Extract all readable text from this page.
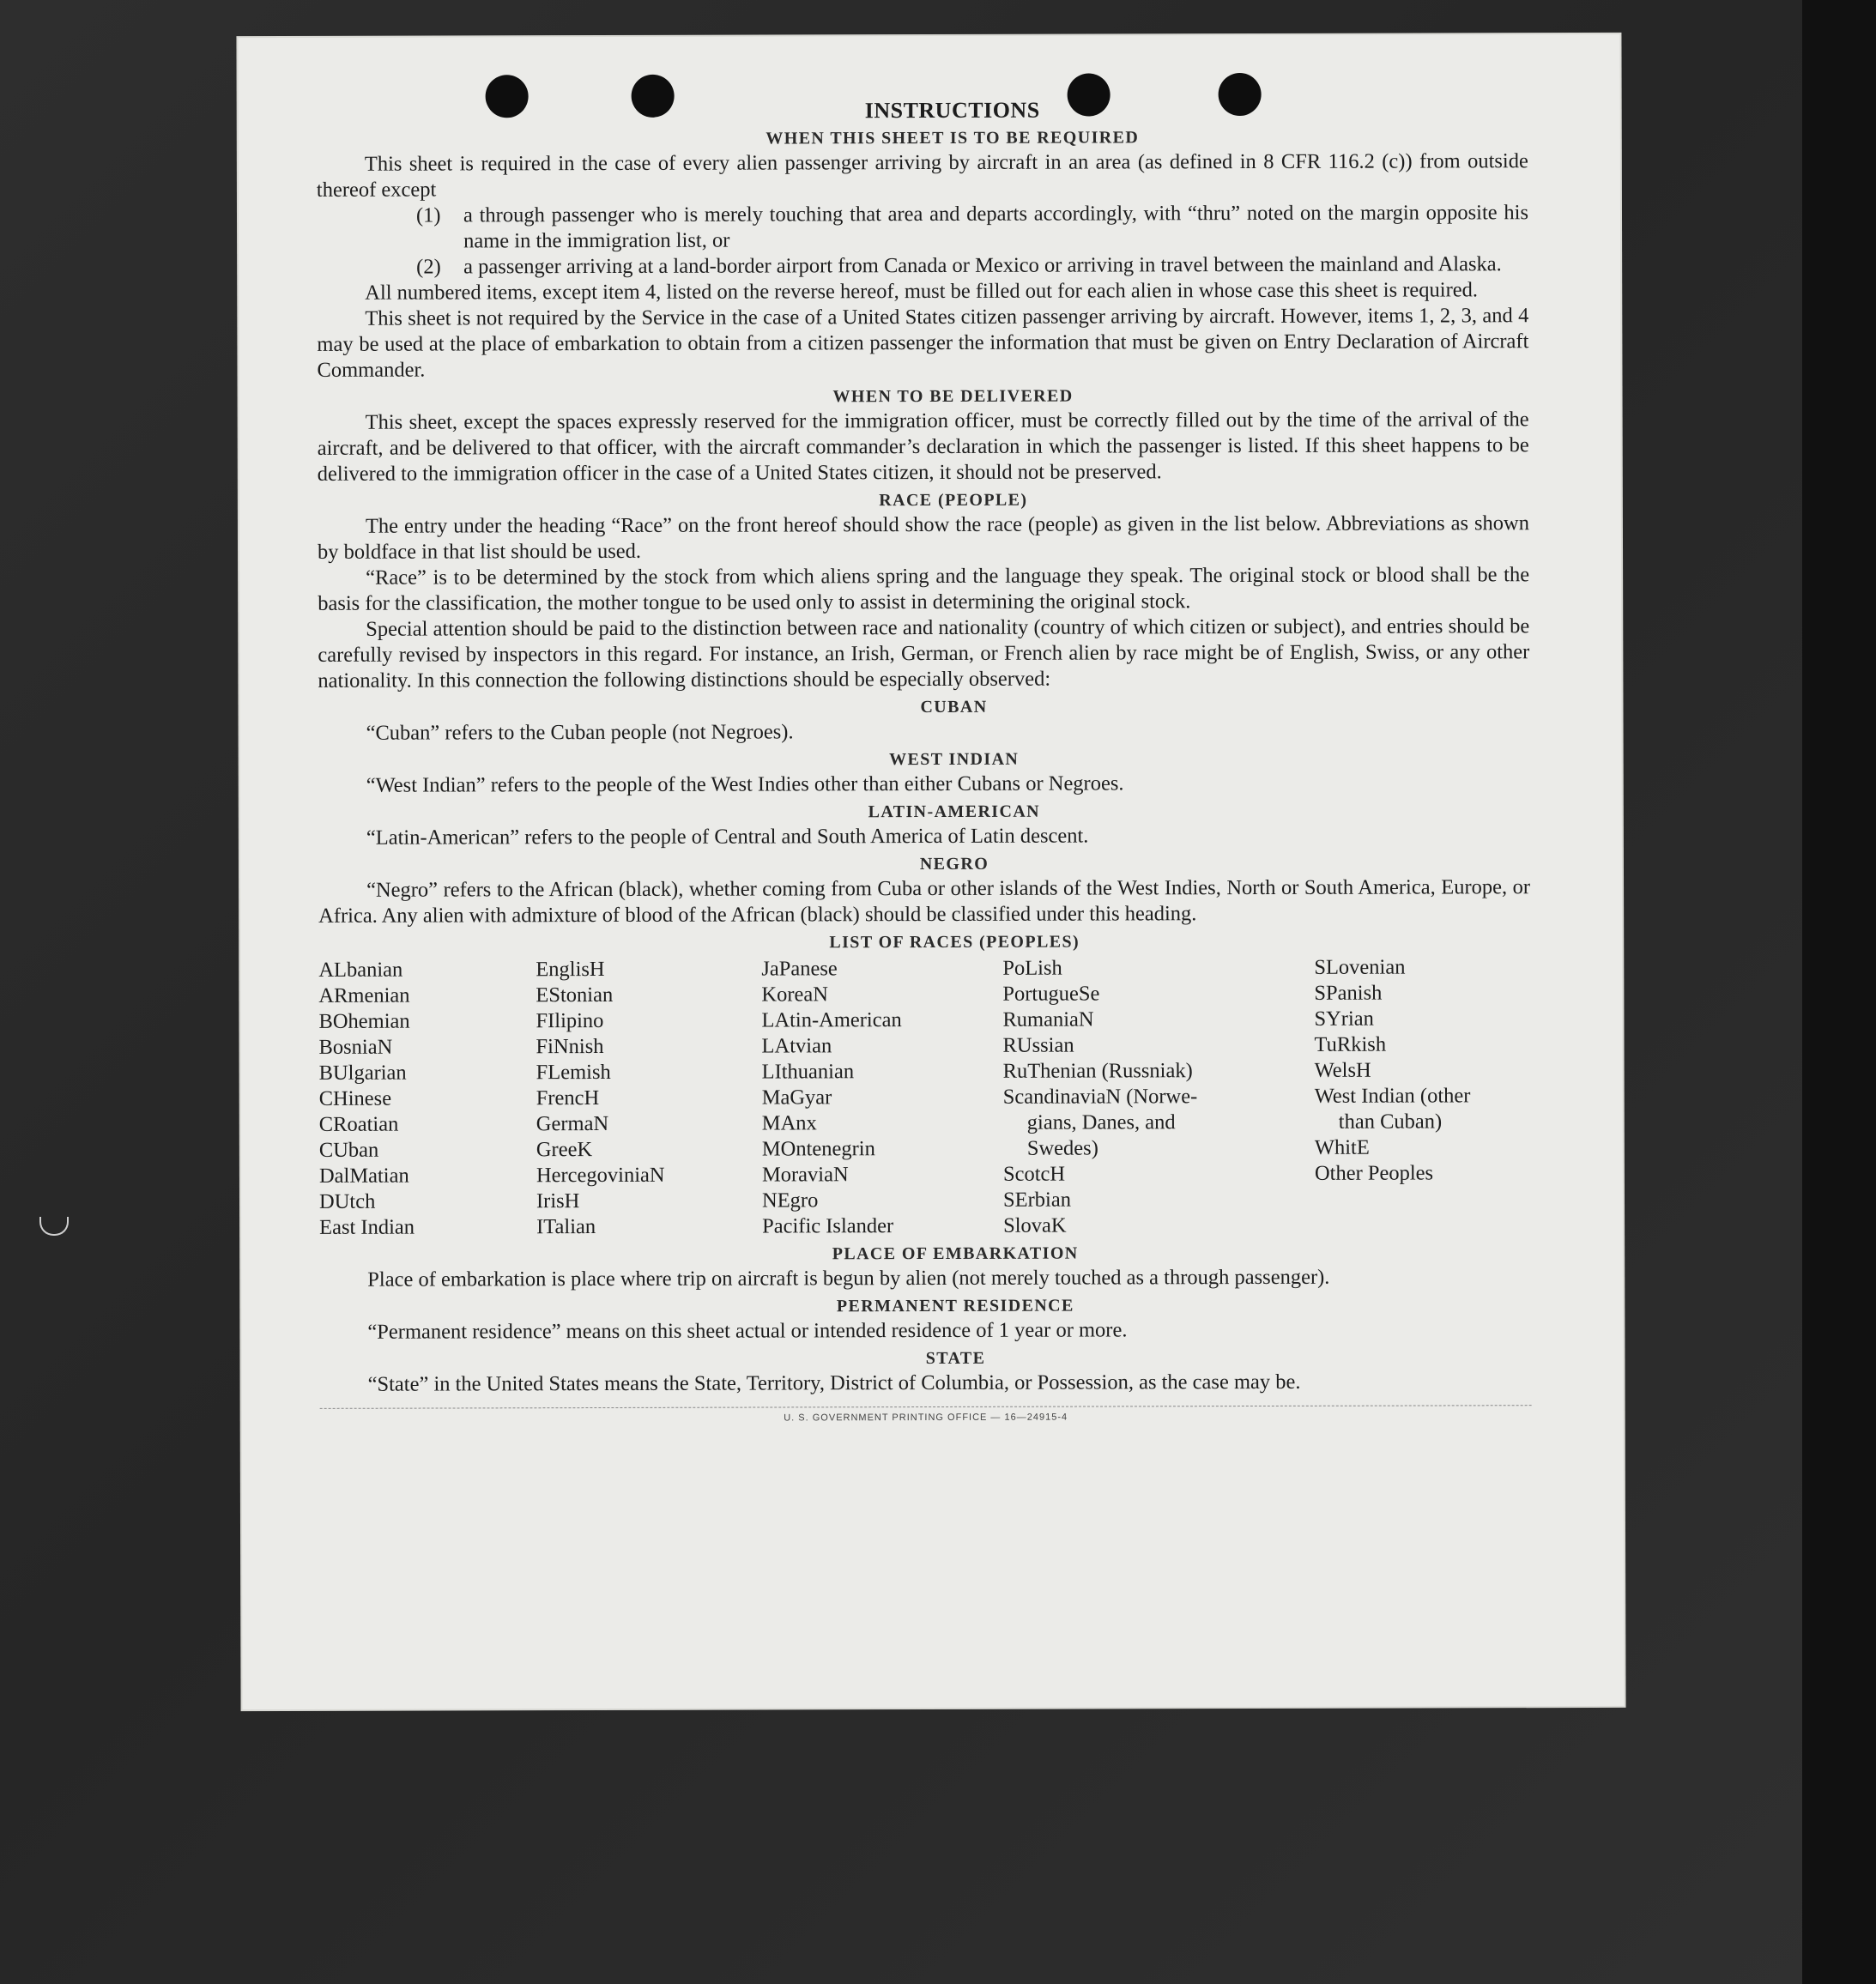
INSTRUCTIONS
WHEN THIS SHEET IS TO BE REQUIRED

This sheet is required in the case of every alien passenger arriving by aircraft in an area (as defined in 8 CFR 116.2 (c)) from outside thereof except

(1)	a through passenger who is merely touching that area and departs accordingly, with “thru” noted on the margin opposite his name in the immigration list, or
(2)	a passenger arriving at a land-border airport from Canada or Mexico or arriving in travel between the mainland and Alaska.

All numbered items, except item 4, listed on the reverse hereof, must be filled out for each alien in whose case this sheet is required.

This sheet is not required by the Service in the case of a United States citizen passenger arriving by aircraft. However, items 1, 2, 3, and 4 may be used at the place of embarkation to obtain from a citizen passenger the information that must be given on Entry Declaration of Aircraft Commander.

WHEN TO BE DELIVERED

This sheet, except the spaces expressly reserved for the immigration officer, must be correctly filled out by the time of the arrival of the aircraft, and be delivered to that officer, with the aircraft commander’s declaration in which the passenger is listed. If this sheet happens to be delivered to the immigration officer in the case of a United States citizen, it should not be preserved.

RACE (PEOPLE)

The entry under the heading “Race” on the front hereof should show the race (people) as given in the list below. Abbreviations as shown by boldface in that list should be used.

“Race” is to be determined by the stock from which aliens spring and the language they speak. The original stock or blood shall be the basis for the classification, the mother tongue to be used only to assist in determining the original stock.

Special attention should be paid to the distinction between race and nationality (country of which citizen or subject), and entries should be carefully revised by inspectors in this regard. For instance, an Irish, German, or French alien by race might be of English, Swiss, or any other nationality. In this connection the following distinctions should be especially observed:

CUBAN

“Cuban” refers to the Cuban people (not Negroes).

WEST INDIAN

“West Indian” refers to the people of the West Indies other than either Cubans or Negroes.

LATIN-AMERICAN

“Latin-American” refers to the people of Central and South America of Latin descent.

NEGRO

“Negro” refers to the African (black), whether coming from Cuba or other islands of the West Indies, North or South America, Europe, or Africa. Any alien with admixture of blood of the African (black) should be classified under this heading.

LIST OF RACES (PEOPLES)
ALbanian
ARmenian
BOhemian
BosniaN
BUlgarian
CHinese
CRoatian
CUban
DalMatian
DUtch
East Indian
EnglisH
EStonian
FIlipino
FiNnish
FLemish
FrencH
GermaN
GreeK
HercegoviniaN
IrisH
ITalian
JaPanese
KoreaN
LAtin-American
LAtvian
LIthuanian
MaGyar
MAnx
MOntenegrin
MoraviaN
NEgro
Pacific Islander
PoLish
PortugueSe
RumaniaN
RUssian
RuThenian (Russniak)
ScandinaviaN (Norwe-
gians, Danes, and
Swedes)
ScotcH
SErbian
SlovaK
SLovenian
SPanish
SYrian
TuRkish
WelsH
West Indian (other
than Cuban)
WhitE
Other Peoples
PLACE OF EMBARKATION

Place of embarkation is place where trip on aircraft is begun by alien (not merely touched as a through passenger).

PERMANENT RESIDENCE

“Permanent residence” means on this sheet actual or intended residence of 1 year or more.

STATE

“State” in the United States means the State, Territory, District of Columbia, or Possession, as the case may be.

U. S. GOVERNMENT PRINTING OFFICE — 16—24915-4
